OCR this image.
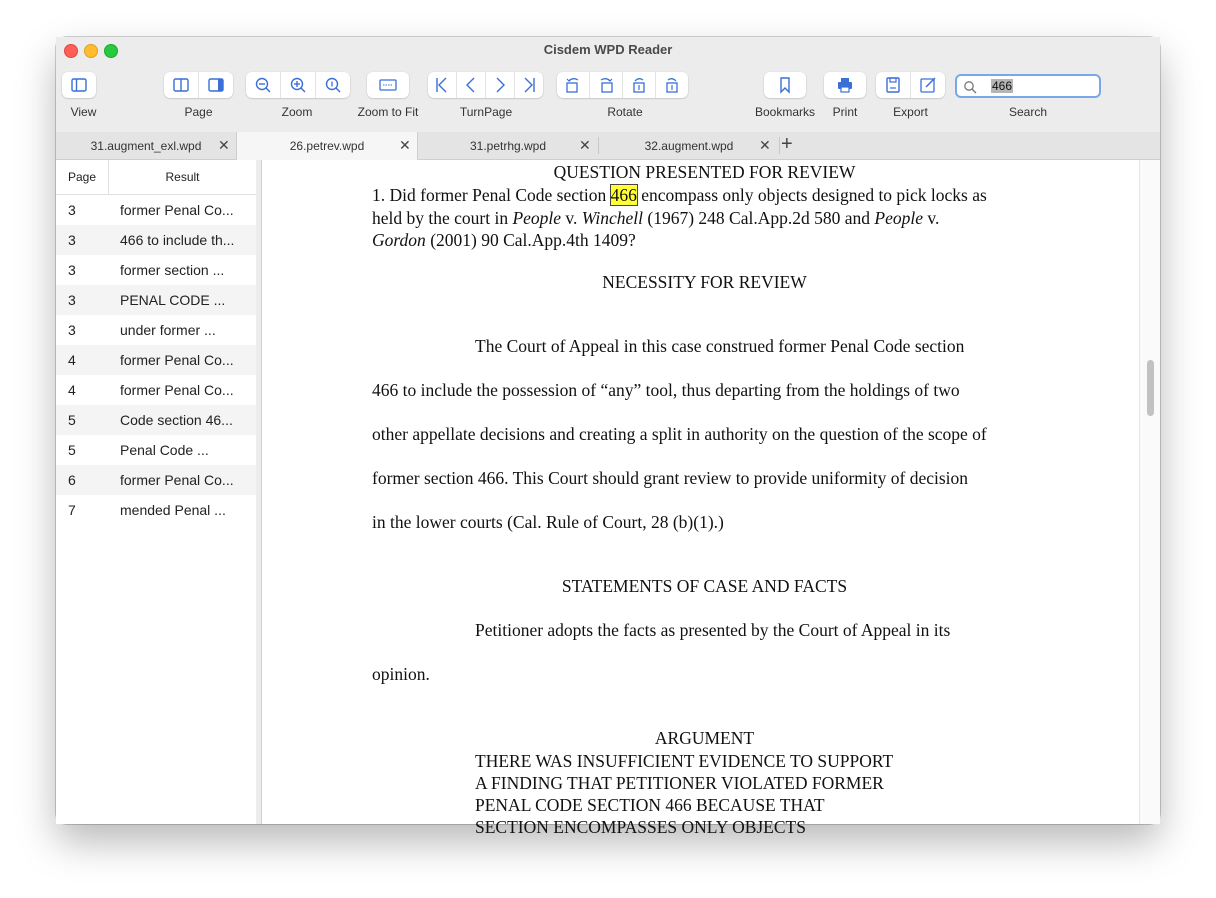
Cisdem WPD Reader
View	Page	Zoom	Zoom to Fit	TurnPage	Rotate	Bookmarks	Print	Export
466
Search
31.augment_exl.wpd	✕	26.petrev.wpd	✕	31.petrhg.wpd	✕	32.augment.wpd	✕ +
Page	Result
3	former Penal Co...
3	466 to include th...
3	former section ...
3	PENAL CODE ...
3	under former ...
4	former Penal Co...
4	former Penal Co...
5	Code section 46...
5	Penal Code ...
6	former Penal Co...
7	mended Penal ...
QUESTION PRESENTED FOR REVIEW
1. Did former Penal Code section 466 encompass only objects designed to pick locks as
held by the court in People v. Winchell (1967) 248 Cal.App.2d 580 and People v.
Gordon (2001) 90 Cal.App.4th 1409?
NECESSITY FOR REVIEW
The Court of Appeal in this case construed former Penal Code section
466 to include the possession of “any” tool, thus departing from the holdings of two
other appellate decisions and creating a split in authority on the question of the scope of
former section 466. This Court should grant review to provide uniformity of decision
in the lower courts (Cal. Rule of Court, 28 (b)(1).)
STATEMENTS OF CASE AND FACTS
Petitioner adopts the facts as presented by the Court of Appeal in its
opinion.
ARGUMENT
THERE WAS INSUFFICIENT EVIDENCE TO SUPPORT
A FINDING THAT PETITIONER VIOLATED FORMER
PENAL CODE SECTION 466 BECAUSE THAT
SECTION ENCOMPASSES ONLY OBJECTS
